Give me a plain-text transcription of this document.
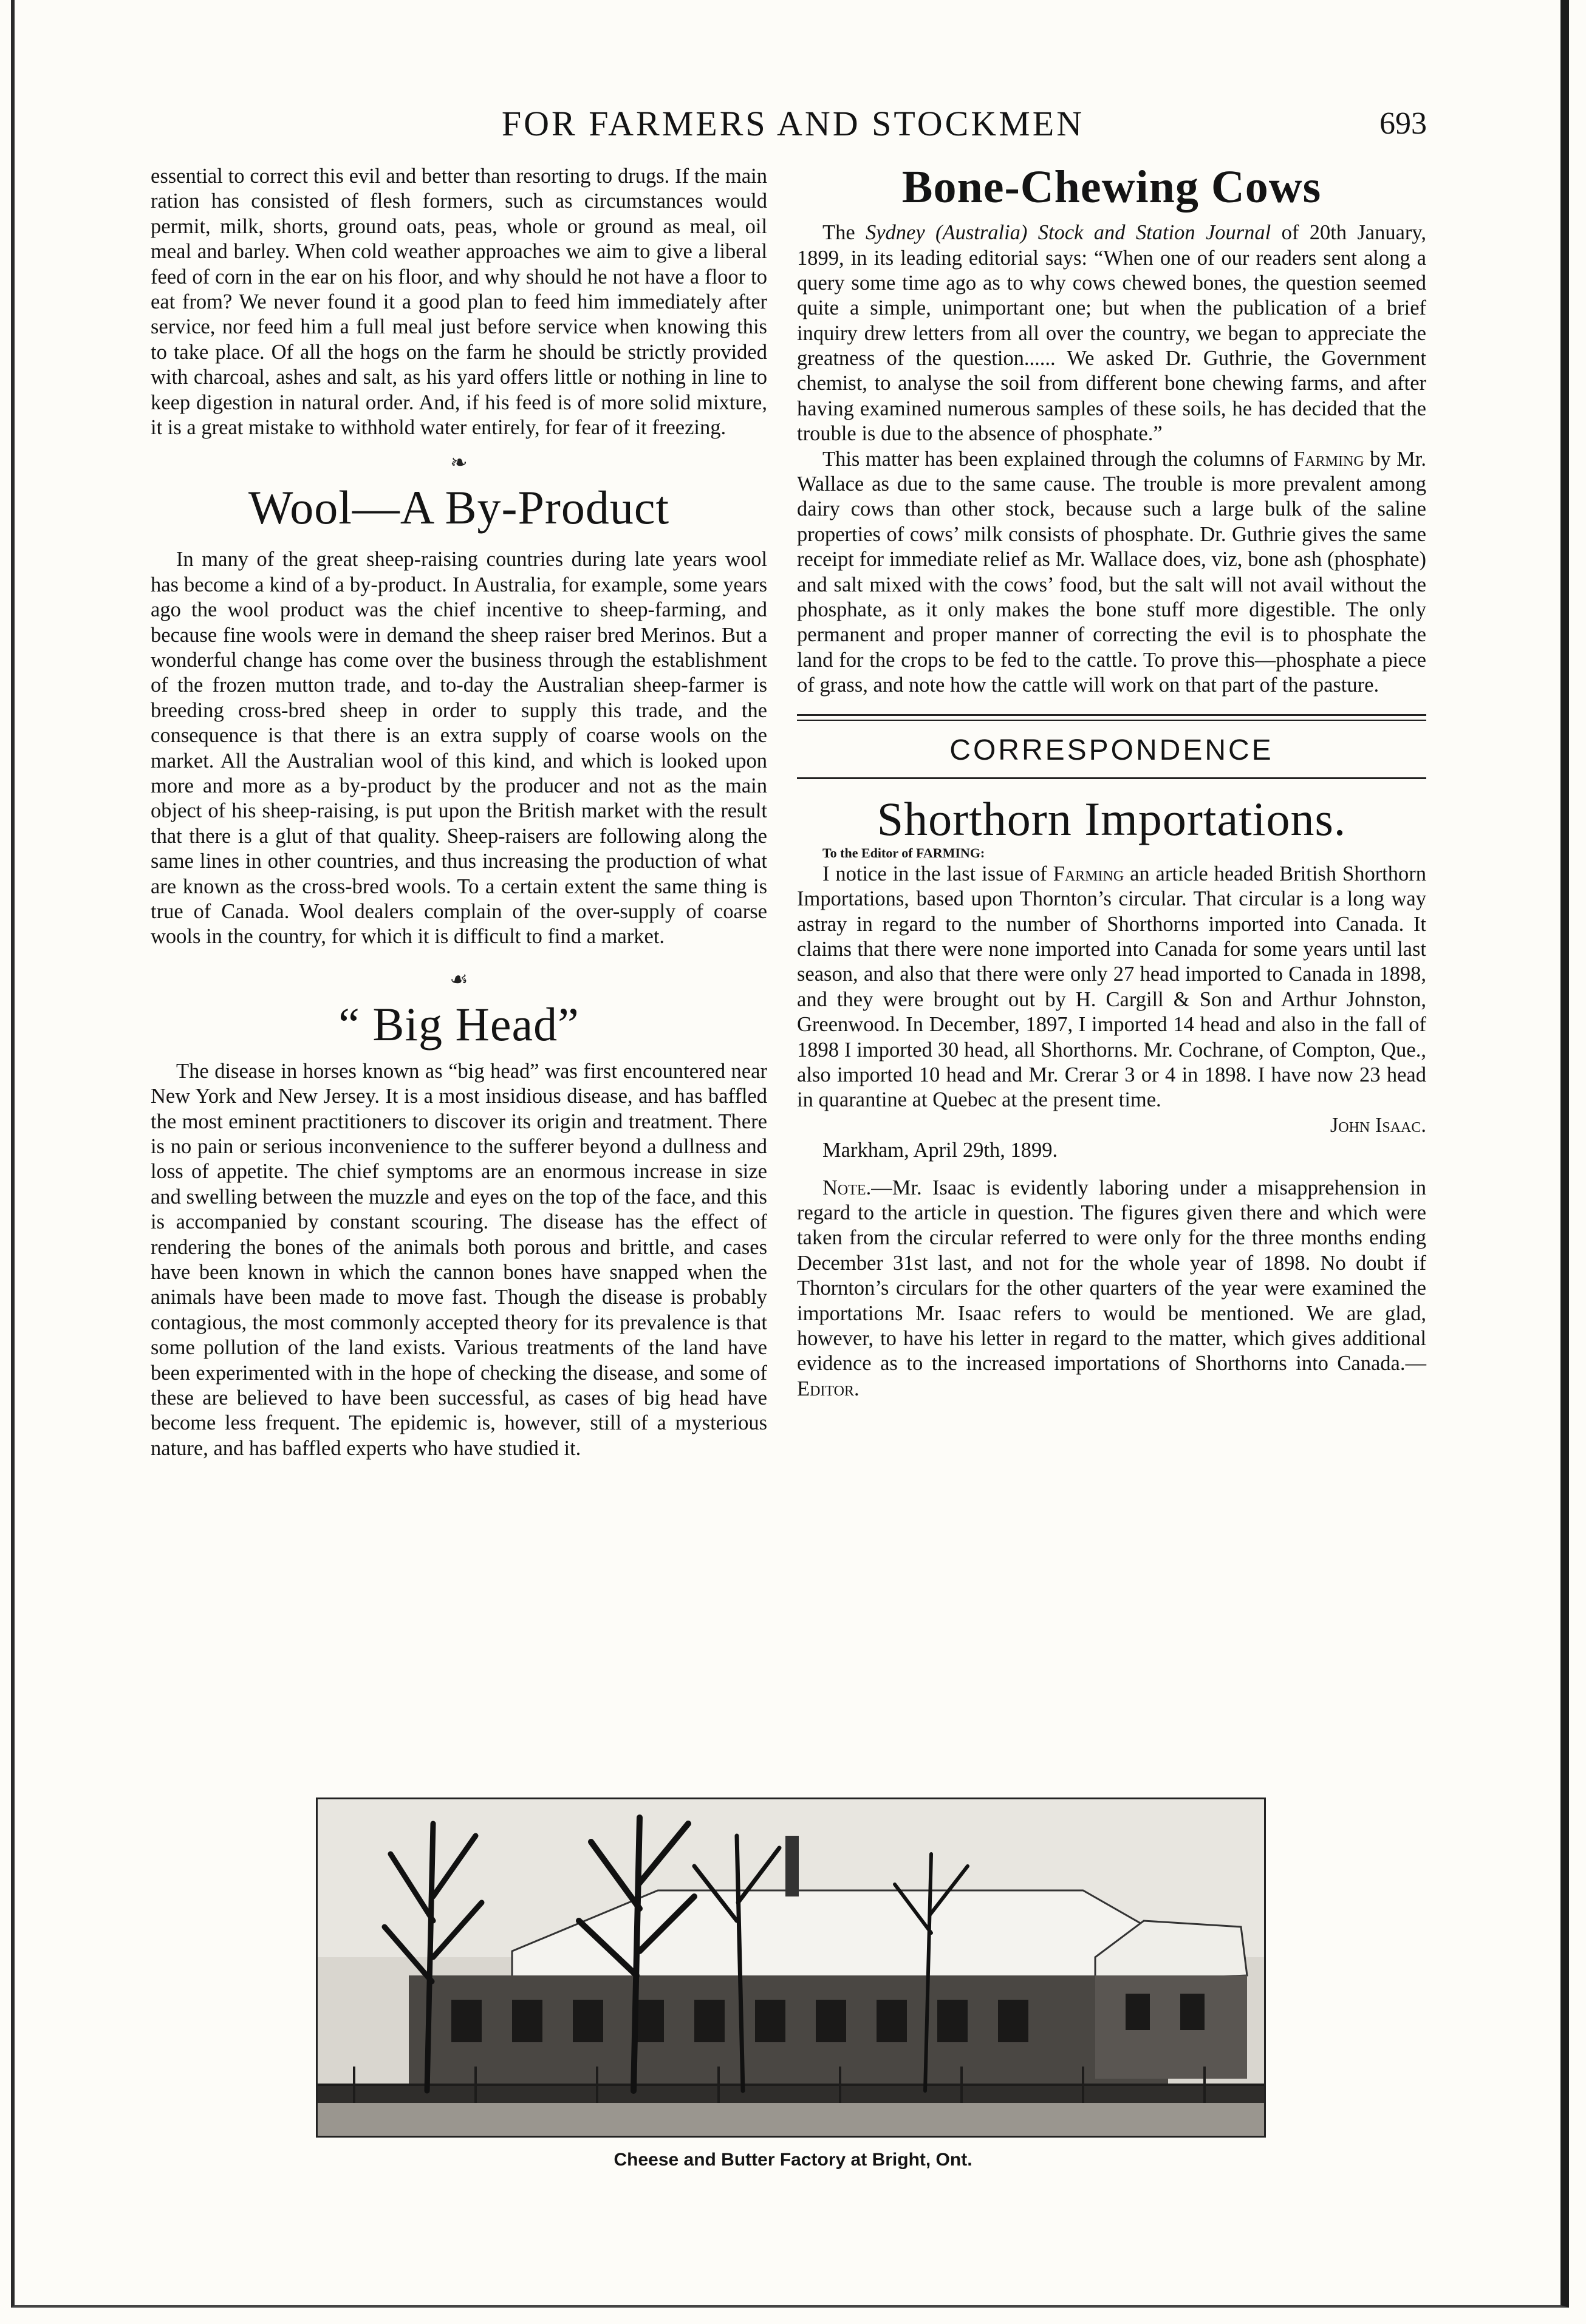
FOR FARMERS AND STOCKMEN	693

essential to correct this evil and better than resorting to drugs. If the main ration has consisted of flesh formers, such as circumstances would permit, milk, shorts, ground oats, peas, whole or ground as meal, oil meal and barley. When cold weather approaches we aim to give a liberal feed of corn in the ear on his floor, and why should he not have a floor to eat from? We never found it a good plan to feed him immediately after service, nor feed him a full meal just before service when knowing this to take place. Of all the hogs on the farm he should be strictly provided with charcoal, ashes and salt, as his yard offers little or nothing in line to keep digestion in natural order. And, if his feed is of more solid mixture, it is a great mistake to withhold water entirely, for fear of it freezing.

❧
Wool—A By-Product

In many of the great sheep-raising countries during late years wool has become a kind of a by-product. In Australia, for example, some years ago the wool product was the chief incentive to sheep-farming, and because fine wools were in demand the sheep raiser bred Merinos. But a wonderful change has come over the business through the establishment of the frozen mutton trade, and to-day the Australian sheep-farmer is breeding cross-bred sheep in order to supply this trade, and the consequence is that there is an extra supply of coarse wools on the market. All the Australian wool of this kind, and which is looked upon more and more as a by-product by the producer and not as the main object of his sheep-raising, is put upon the British market with the result that there is a glut of that quality. Sheep-raisers are following along the same lines in other countries, and thus increasing the production of what are known as the cross-bred wools. To a certain extent the same thing is true of Canada. Wool dealers complain of the over-supply of coarse wools in the country, for which it is difficult to find a market.

☙
“ Big Head”

The disease in horses known as “big head” was first encountered near New York and New Jersey. It is a most insidious disease, and has baffled the most eminent practitioners to discover its origin and treatment. There is no pain or serious inconvenience to the sufferer beyond a dullness and loss of appetite. The chief symptoms are an enormous increase in size and swelling between the muzzle and eyes on the top of the face, and this is accompanied by constant scouring. The disease has the effect of rendering the bones of the animals both porous and brittle, and cases have been known in which the cannon bones have snapped when the animals have been made to move fast. Though the disease is probably contagious, the most commonly accepted theory for its prevalence is that some pollution of the land exists. Various treatments of the land have been experimented with in the hope of checking the disease, and some of these are believed to have been successful, as cases of big head have become less frequent. The epidemic is, however, still of a mysterious nature, and has baffled experts who have studied it.

Bone-Chewing Cows

The Sydney (Australia) Stock and Station Journal of 20th January, 1899, in its leading editorial says: “When one of our readers sent along a query some time ago as to why cows chewed bones, the question seemed quite a simple, unimportant one; but when the publication of a brief inquiry drew letters from all over the country, we began to appreciate the greatness of the question...... We asked Dr. Guthrie, the Government chemist, to analyse the soil from different bone chewing farms, and after having examined numerous samples of these soils, he has decided that the trouble is due to the absence of phosphate.”

This matter has been explained through the columns of Farming by Mr. Wallace as due to the same cause. The trouble is more prevalent among dairy cows than other stock, because such a large bulk of the saline properties of cows’ milk consists of phosphate. Dr. Guthrie gives the same receipt for immediate relief as Mr. Wallace does, viz, bone ash (phosphate) and salt mixed with the cows’ food, but the salt will not avail without the phosphate, as it only makes the bone stuff more digestible. The only permanent and proper manner of correcting the evil is to phosphate the land for the crops to be fed to the cattle. To prove this—phosphate a piece of grass, and note how the cattle will work on that part of the pasture.

CORRESPONDENCE
Shorthorn Importations.

To the Editor of FARMING:

I notice in the last issue of Farming an article headed British Shorthorn Importations, based upon Thornton’s circular. That circular is a long way astray in regard to the number of Shorthorns imported into Canada. It claims that there were none imported into Canada for some years until last season, and also that there were only 27 head imported to Canada in 1898, and they were brought out by H. Cargill & Son and Arthur Johnston, Greenwood. In December, 1897, I imported 14 head and also in the fall of 1898 I imported 30 head, all Shorthorns. Mr. Cochrane, of Compton, Que., also imported 10 head and Mr. Crerar 3 or 4 in 1898. I have now 23 head in quarantine at Quebec at the present time.

John Isaac.

Markham, April 29th, 1899.

Note.—Mr. Isaac is evidently laboring under a misapprehension in regard to the article in question. The figures given there and which were taken from the circular referred to were only for the three months ending December 31st last, and not for the whole year of 1898. No doubt if Thornton’s circulars for the other quarters of the year were examined the importations Mr. Isaac refers to would be mentioned. We are glad, however, to have his letter in regard to the matter, which gives additional evidence as to the increased importations of Shorthorns into Canada.—Editor.

Cheese and Butter Factory at Bright, Ont.
